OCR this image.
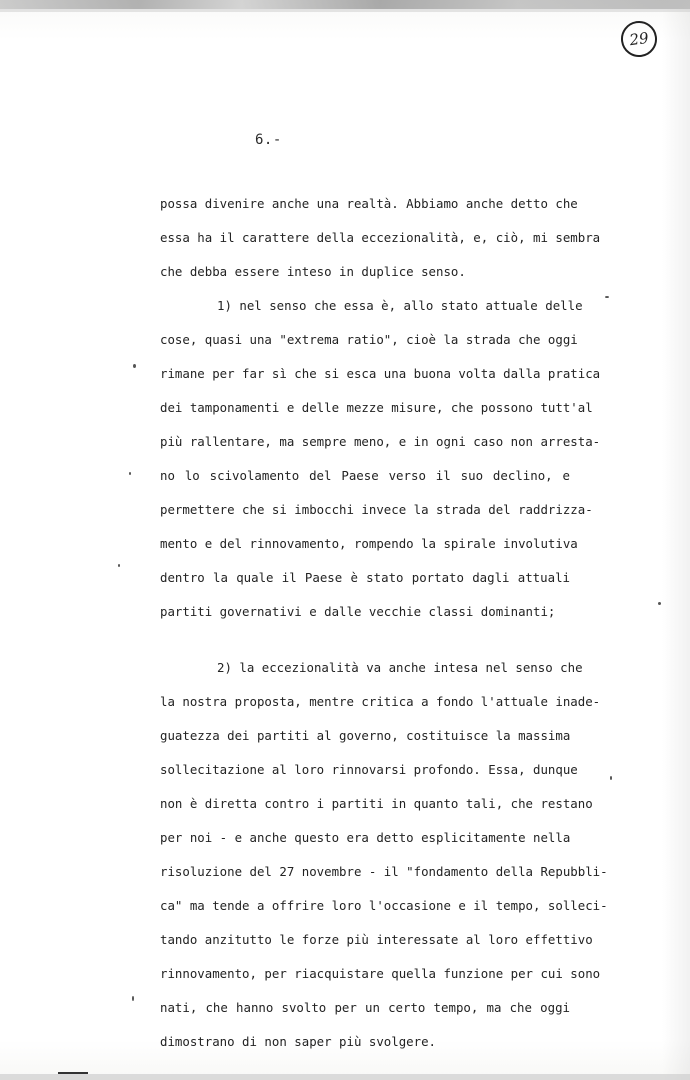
29
6.-
possa divenire anche una realtà. Abbiamo anche detto che
essa ha il carattere della eccezionalità, e, ciò, mi sembra
che debba essere inteso in duplice senso.
1) nel senso che essa è, allo stato attuale delle
cose, quasi una "extrema ratio", cioè la strada che oggi
rimane per far sì che si esca una buona volta dalla pratica
dei tamponamenti e delle mezze misure, che possono tutt'al
più rallentare, ma sempre meno, e in ogni caso non arresta-
no lo scivolamento del Paese verso il suo declino, e
permettere che si imbocchi invece la strada del raddrizza-
mento e del rinnovamento, rompendo la spirale involutiva
dentro la quale il Paese è stato portato dagli attuali
partiti governativi e dalle vecchie classi dominanti;
2) la eccezionalità va anche intesa nel senso che
la nostra proposta, mentre critica a fondo l'attuale inade-
guatezza dei partiti al governo, costituisce la massima
sollecitazione al loro rinnovarsi profondo. Essa, dunque
non è diretta contro i partiti in quanto tali, che restano
per noi - e anche questo era detto esplicitamente nella
risoluzione del 27 novembre - il "fondamento della Repubbli-
ca" ma tende a offrire loro l'occasione e il tempo, solleci-
tando anzitutto le forze più interessate al loro effettivo
rinnovamento, per riacquistare quella funzione per cui sono
nati, che hanno svolto per un certo tempo, ma che oggi
dimostrano di non saper più svolgere.
